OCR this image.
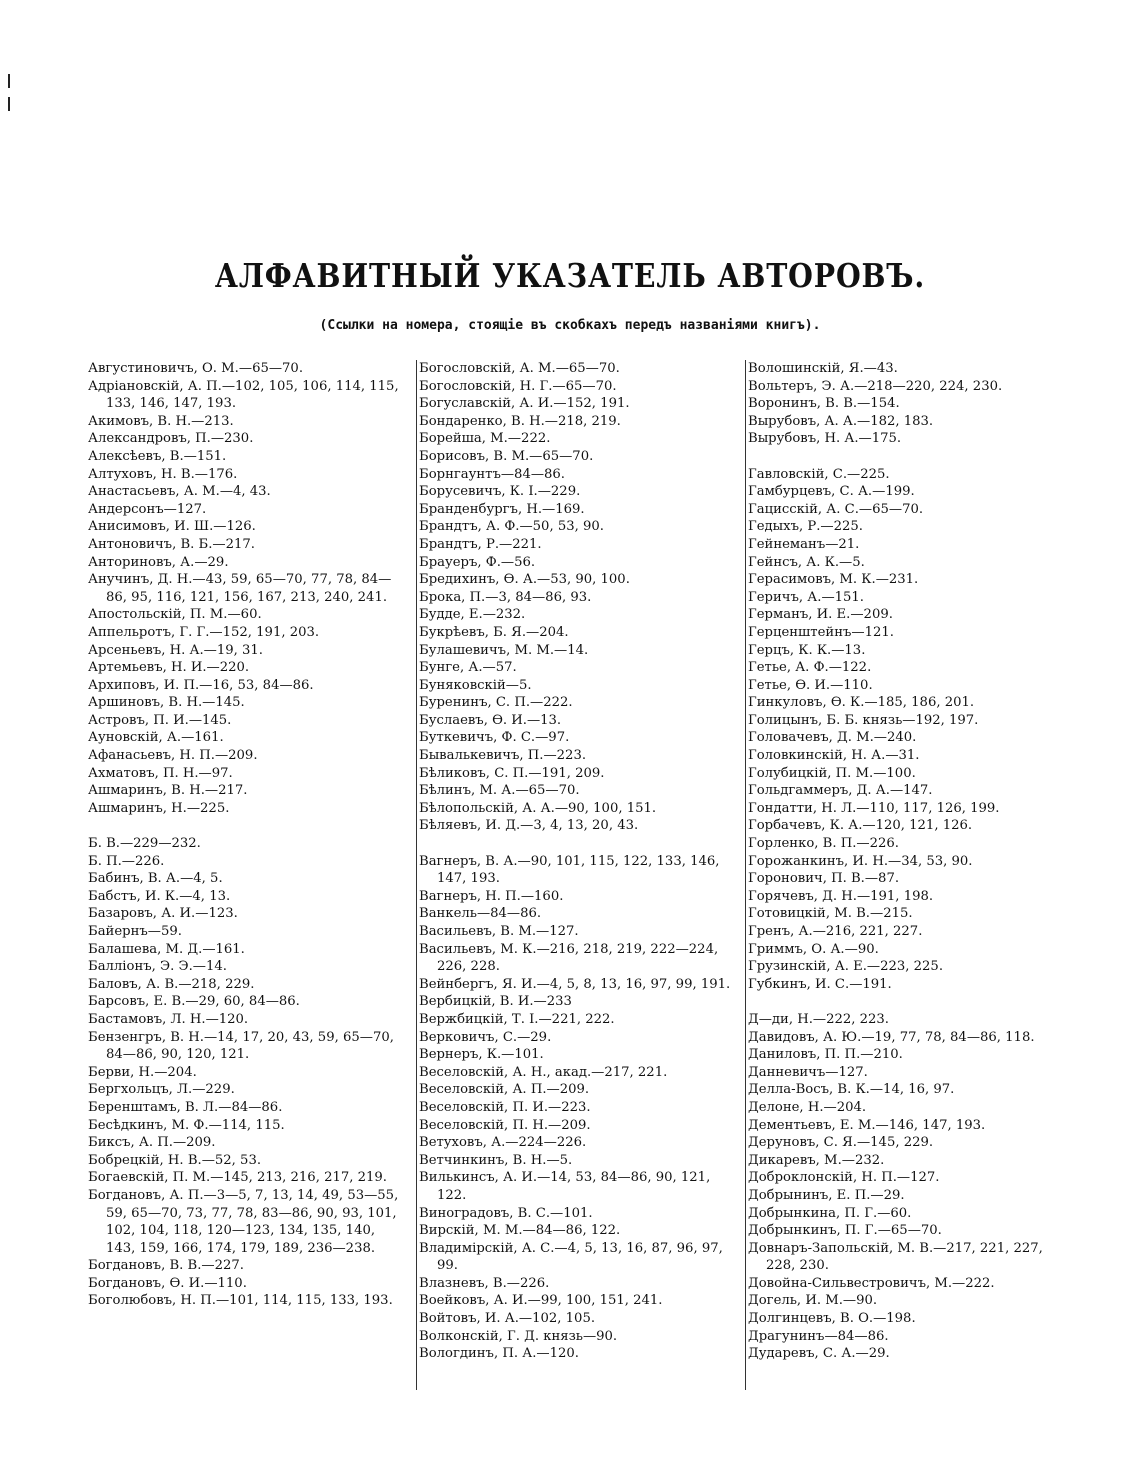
АЛФАВИТНЫЙ УКАЗАТЕЛЬ АВТОРОВЪ.
(Ссылки на номера, стоящіе въ скобкахъ передъ названіями книгъ).
Августиновичъ, О. М.—65—70.
Адріановскій, А. П.—102, 105, 106, 114, 115, 133, 146, 147, 193.
Акимовъ, В. Н.—213.
Александровъ, П.—230.
Алексѣевъ, В.—151.
Алтуховъ, Н. В.—176.
Анастасьевъ, А. М.—4, 43.
Андерсонъ—127.
Анисимовъ, И. Ш.—126.
Антоновичъ, В. Б.—217.
Анториновъ, А.—29.
Анучинъ, Д. Н.—43, 59, 65—70, 77, 78, 84—86, 95, 116, 121, 156, 167, 213, 240, 241.
Апостольскій, П. М.—60.
Аппельротъ, Г. Г.—152, 191, 203.
Арсеньевъ, Н. А.—19, 31.
Артемьевъ, Н. И.—220.
Архиповъ, И. П.—16, 53, 84—86.
Аршиновъ, В. Н.—145.
Астровъ, П. И.—145.
Ауновскій, А.—161.
Афанасьевъ, Н. П.—209.
Ахматовъ, П. Н.—97.
Ашмаринъ, В. Н.—217.
Ашмаринъ, Н.—225.
Б. В.—229—232.
Б. П.—226.
Бабинъ, В. А.—4, 5.
Бабстъ, И. К.—4, 13.
Базаровъ, А. И.—123.
Байернъ—59.
Балашева, М. Д.—161.
Балліонъ, Э. Э.—14.
Баловъ, А. В.—218, 229.
Барсовъ, Е. В.—29, 60, 84—86.
Бастамовъ, Л. Н.—120.
Бензенгръ, В. Н.—14, 17, 20, 43, 59, 65—70, 84—86, 90, 120, 121.
Берви, Н.—204.
Бергхольцъ, Л.—229.
Беренштамъ, В. Л.—84—86.
Бесѣдкинъ, М. Ф.—114, 115.
Биксъ, А. П.—209.
Бобрецкій, Н. В.—52, 53.
Богаевскій, П. М.—145, 213, 216, 217, 219.
Богдановъ, А. П.—3—5, 7, 13, 14, 49, 53—55, 59, 65—70, 73, 77, 78, 83—86, 90, 93, 101, 102, 104, 118, 120—123, 134, 135, 140, 143, 159, 166, 174, 179, 189, 236—238.
Богдановъ, В. В.—227.
Богдановъ, Ѳ. И.—110.
Боголюбовъ, Н. П.—101, 114, 115, 133, 193.
Богословскій, А. М.—65—70.
Богословскій, Н. Г.—65—70.
Богуславскій, А. И.—152, 191.
Бондаренко, В. Н.—218, 219.
Борейша, М.—222.
Борисовъ, В. М.—65—70.
Борнгаунтъ—84—86.
Борусевичъ, К. І.—229.
Бранденбургъ, Н.—169.
Брандтъ, А. Ф.—50, 53, 90.
Брандтъ, Р.—221.
Брауеръ, Ф.—56.
Бредихинъ, Ѳ. А.—53, 90, 100.
Брока, П.—3, 84—86, 93.
Будде, Е.—232.
Букрѣевъ, Б. Я.—204.
Булашевичъ, М. М.—14.
Бунге, А.—57.
Буняковскій—5.
Буренинъ, С. П.—222.
Буслаевъ, Ѳ. И.—13.
Буткевичъ, Ф. С.—97.
Бывалькевичъ, П.—223.
Бѣликовъ, С. П.—191, 209.
Бѣлинъ, М. А.—65—70.
Бѣлопольскій, А. А.—90, 100, 151.
Бѣляевъ, И. Д.—3, 4, 13, 20, 43.
Вагнеръ, В. А.—90, 101, 115, 122, 133, 146, 147, 193.
Вагнеръ, Н. П.—160.
Ванкель—84—86.
Васильевъ, В. М.—127.
Васильевъ, М. К.—216, 218, 219, 222—224, 226, 228.
Вейнбергъ, Я. И.—4, 5, 8, 13, 16, 97, 99, 191.
Вербицкій, В. И.—233
Вержбицкій, Т. І.—221, 222.
Верковичъ, С.—29.
Вернеръ, К.—101.
Веселовскій, А. Н., акад.—217, 221.
Веселовскій, А. П.—209.
Веселовскій, П. И.—223.
Веселовскій, П. Н.—209.
Ветуховъ, А.—224—226.
Ветчинкинъ, В. Н.—5.
Вилькинсъ, А. И.—14, 53, 84—86, 90, 121, 122.
Виноградовъ, В. С.—101.
Вирскій, М. М.—84—86, 122.
Владимірскій, А. С.—4, 5, 13, 16, 87, 96, 97, 99.
Влазневъ, В.—226.
Воейковъ, А. И.—99, 100, 151, 241.
Войтовъ, И. А.—102, 105.
Волконскій, Г. Д. князь—90.
Вологдинъ, П. А.—120.
Волошинскій, Я.—43.
Вольтеръ, Э. А.—218—220, 224, 230.
Воронинъ, В. В.—154.
Вырубовъ, А. А.—182, 183.
Вырубовъ, Н. А.—175.
Гавловскій, С.—225.
Гамбурцевъ, С. А.—199.
Гацисскій, А. С.—65—70.
Гедыхъ, Р.—225.
Гейнеманъ—21.
Гейнсъ, А. К.—5.
Герасимовъ, М. К.—231.
Геричъ, А.—151.
Германъ, И. Е.—209.
Герценштейнъ—121.
Герцъ, К. К.—13.
Гетье, А. Ф.—122.
Гетье, Ѳ. И.—110.
Гинкуловъ, Ѳ. К.—185, 186, 201.
Голицынъ, Б. Б. князь—192, 197.
Головачевъ, Д. М.—240.
Головкинскій, Н. А.—31.
Голубицкій, П. М.—100.
Гольдгаммеръ, Д. А.—147.
Гондатти, Н. Л.—110, 117, 126, 199.
Горбачевъ, К. А.—120, 121, 126.
Горленко, В. П.—226.
Горожанкинъ, И. Н.—34, 53, 90.
Горонович, П. В.—87.
Горячевъ, Д. Н.—191, 198.
Готовицкій, М. В.—215.
Гренъ, А.—216, 221, 227.
Гриммъ, О. А.—90.
Грузинскій, А. Е.—223, 225.
Губкинъ, И. С.—191.
Д—ди, Н.—222, 223.
Давидовъ, А. Ю.—19, 77, 78, 84—86, 118.
Даниловъ, П. П.—210.
Данневичъ—127.
Делла-Восъ, В. К.—14, 16, 97.
Делоне, Н.—204.
Дементьевъ, Е. М.—146, 147, 193.
Деруновъ, С. Я.—145, 229.
Дикаревъ, М.—232.
Доброклонскій, Н. П.—127.
Добрынинъ, Е. П.—29.
Добрынкина, П. Г.—60.
Добрынкинъ, П. Г.—65—70.
Довнаръ-Запольскій, М. В.—217, 221, 227, 228, 230.
Довойна-Сильвестровичъ, М.—222.
Догель, И. М.—90.
Долгинцевъ, В. О.—198.
Драгунинъ—84—86.
Дударевъ, С. А.—29.
